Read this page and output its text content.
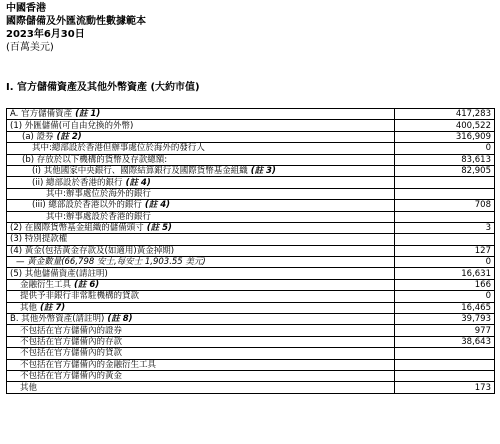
中國香港
國際儲備及外匯流動性數據範本
2023年6月30日
(百萬美元)
I. 官方儲備資產及其他外幣資產 (大約市值)
A. 官方儲備資產 (註 1)	417,283
(1) 外匯儲備(可自由兌換的外幣)	400,522
(a) 證券 (註 2)	316,909
其中:總部設於香港但辦事處位於海外的發行人	0
(b) 存放於以下機構的貨幣及存款總額:	83,613
(i) 其他國家中央銀行、國際結算銀行及國際貨幣基金組織 (註 3)	82,905
(ii) 總部設於香港的銀行 (註 4)	
其中:辦事處位於海外的銀行	
(iii) 總部設於香港以外的銀行 (註 4)	708
其中:辦事處設於香港的銀行	
(2) 在國際貨幣基金組織的儲備頭寸 (註 5)	3
(3) 特別提款權	
(4) 黃金(包括黃金存款及(如適用)黃金掉期)	127
— 黃金數量(66,798 安士,每安士 1,903.55 美元)	0
(5) 其他儲備資產(請註明)	16,631
金融衍生工具 (註 6)	166
提供予非銀行非常駐機構的貸款	0
其他 (註 7)	16,465
B. 其他外幣資產(請註明) (註 8)	39,793
不包括在官方儲備內的證券	977
不包括在官方儲備內的存款	38,643
不包括在官方儲備內的貸款	
不包括在官方儲備內的金融衍生工具	
不包括在官方儲備內的黃金	
其他	173
